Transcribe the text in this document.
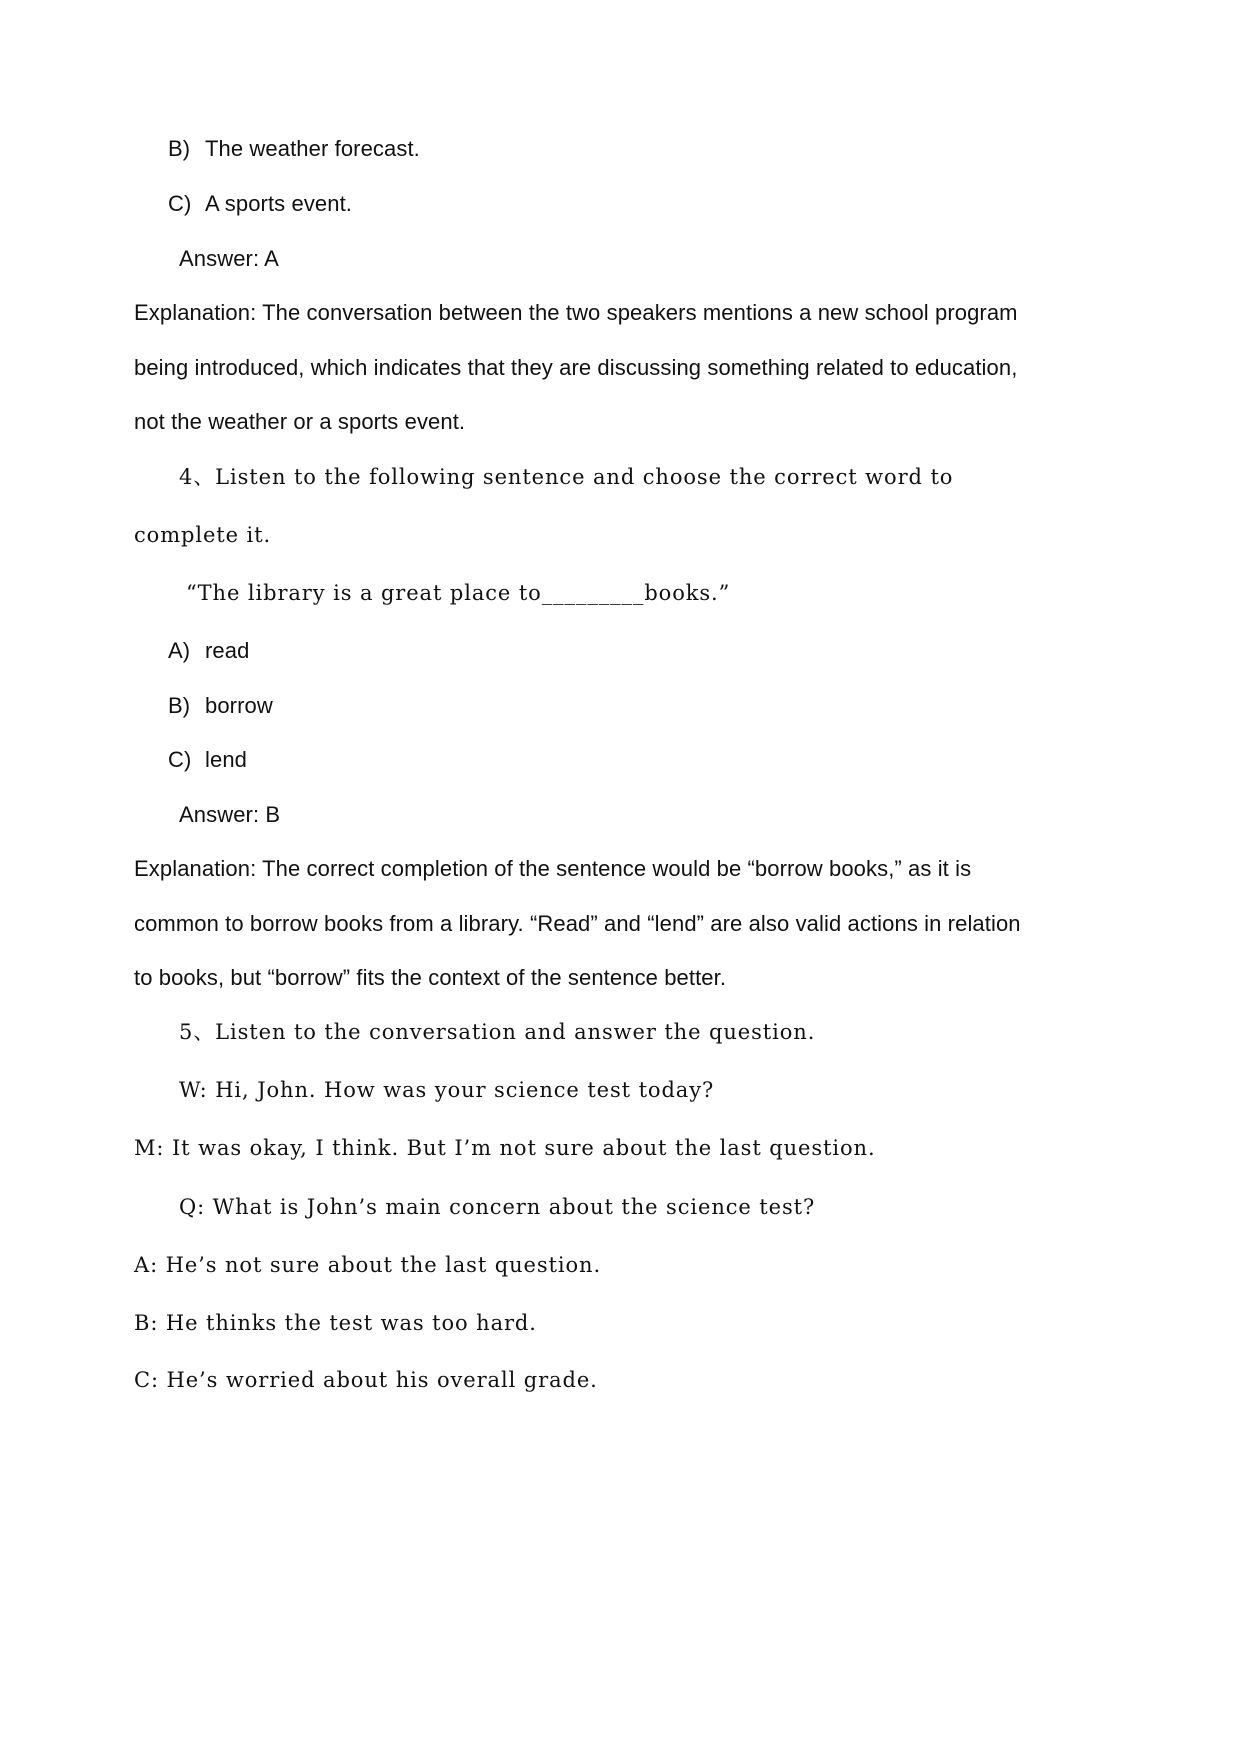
B) The weather forecast.
C) A sports event.
Answer: A
Explanation: The conversation between the two speakers mentions a new school program
being introduced, which indicates that they are discussing something related to education,
not the weather or a sports event.
4、Listen to the following sentence and choose the correct word to
complete it.
“The library is a great place to_________books.”
A) read
B) borrow
C) lend
Answer: B
Explanation: The correct completion of the sentence would be “borrow books,” as it is
common to borrow books from a library. “Read” and “lend” are also valid actions in relation
to books, but “borrow” fits the context of the sentence better.
5、Listen to the conversation and answer the question.
W: Hi, John. How was your science test today?
M: It was okay, I think. But I’m not sure about the last question.
Q: What is John’s main concern about the science test?
A: He’s not sure about the last question.
B: He thinks the test was too hard.
C: He’s worried about his overall grade.
